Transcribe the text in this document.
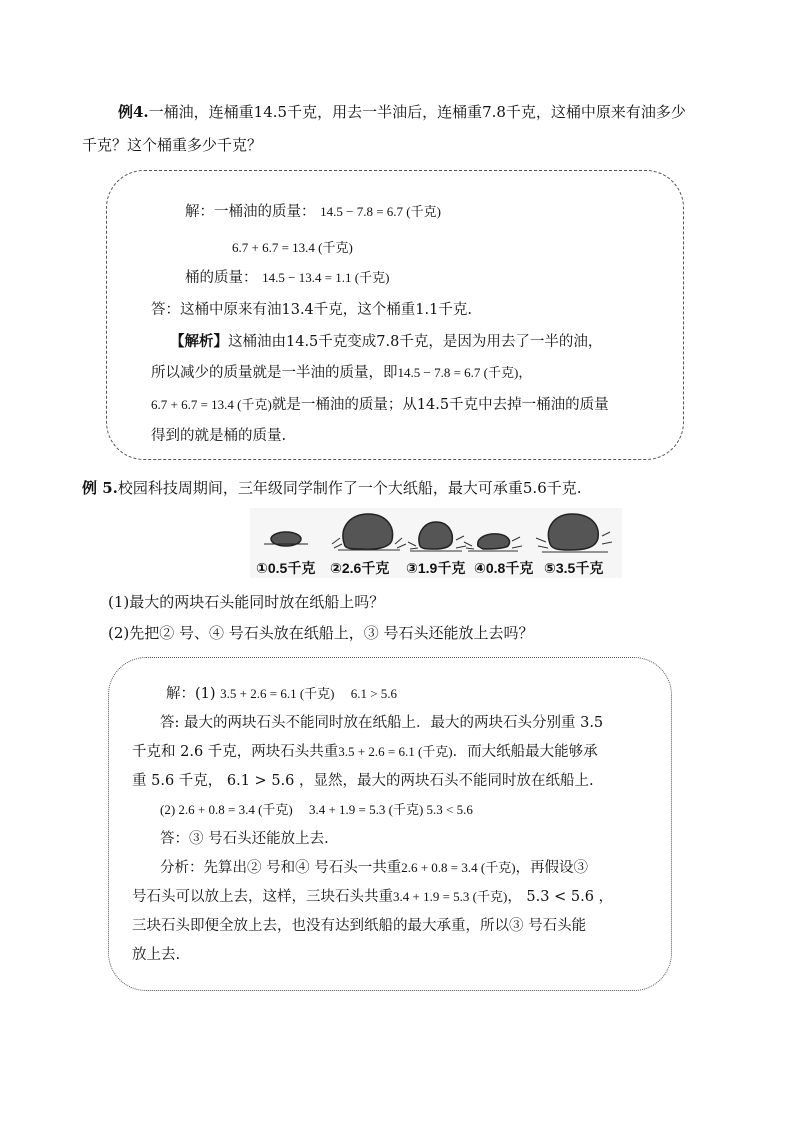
例4.一桶油，连桶重14.5千克，用去一半油后，连桶重7.8千克，这桶中原来有油多少
千克？这个桶重多少千克？
解：一桶油的质量： 14.5 − 7.8 = 6.7 (千克)
6.7 + 6.7 = 13.4 (千克)
桶的质量： 14.5 − 13.4 = 1.1 (千克)
答：这桶中原来有油13.4千克，这个桶重1.1千克.
【解析】这桶油由14.5千克变成7.8千克，是因为用去了一半的油，
所以减少的质量就是一半油的质量，即14.5 − 7.8 = 6.7 (千克)，
6.7 + 6.7 = 13.4 (千克)就是一桶油的质量；从14.5千克中去掉一桶油的质量
得到的就是桶的质量.
例 5.校园科技周期间，三年级同学制作了一个大纸船，最大可承重5.6千克.
①0.5千克 ②2.6千克 ③1.9千克 ④0.8千克 ⑤3.5千克
(1)最大的两块石头能同时放在纸船上吗？
(2)先把② 号、④ 号石头放在纸船上，③ 号石头还能放上去吗？
解：(1) 3.5 + 2.6 = 6.1 (千克)     6.1 > 5.6
答: 最大的两块石头不能同时放在纸船上．最大的两块石头分别重 3.5
千克和 2.6 千克，两块石头共重3.5 + 2.6 = 6.1 (千克)．而大纸船最大能够承
重 5.6 千克， 6.1 > 5.6 ，显然，最大的两块石头不能同时放在纸船上.
(2) 2.6 + 0.8 = 3.4 (千克)     3.4 + 1.9 = 5.3 (千克) 5.3 < 5.6
答：③ 号石头还能放上去.
分析：先算出② 号和④ 号石头一共重2.6 + 0.8 = 3.4 (千克)，再假设③
号石头可以放上去，这样，三块石头共重3.4 + 1.9 = 5.3 (千克)， 5.3 < 5.6 ，
三块石头即便全放上去，也没有达到纸船的最大承重，所以③ 号石头能
放上去.
